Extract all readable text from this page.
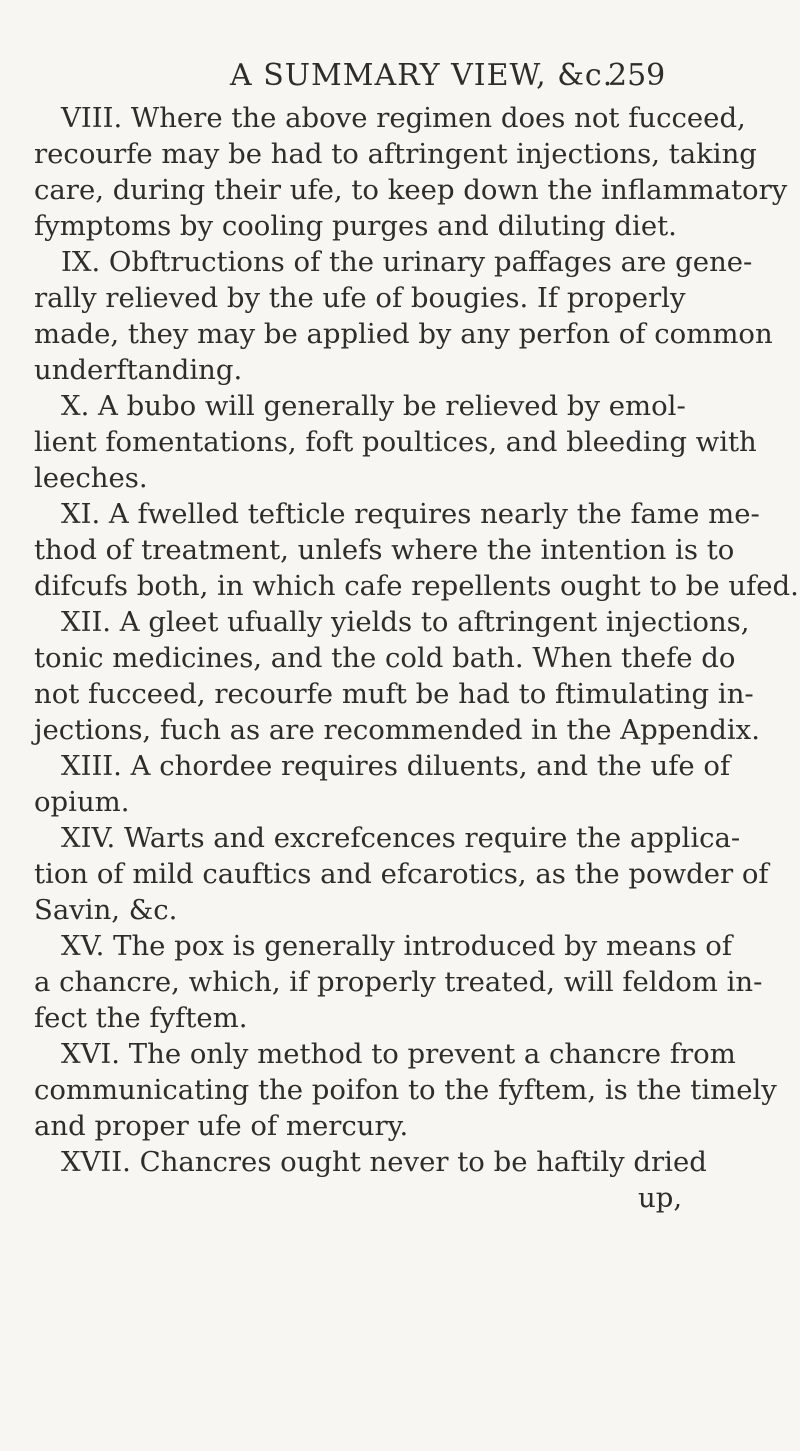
A SUMMARY VIEW, &c.
259
VIII. Where the above regimen does not fucceed,
recourfe may be had to aftringent injections, taking
care, during their ufe, to keep down the inflammatory
fymptoms by cooling purges and diluting diet.
IX. Obftructions of the urinary paffages are gene-
rally relieved by the ufe of bougies. If properly
made, they may be applied by any perfon of common
underftanding.
X. A bubo will generally be relieved by emol-
lient fomentations, foft poultices, and bleeding with
leeches.
XI. A fwelled tefticle requires nearly the fame me-
thod of treatment, unlefs where the intention is to
difcufs both, in which cafe repellents ought to be ufed.
XII. A gleet ufually yields to aftringent injections,
tonic medicines, and the cold bath. When thefe do
not fucceed, recourfe muft be had to ftimulating in-
jections, fuch as are recommended in the Appendix.
XIII. A chordee requires diluents, and the ufe of
opium.
XIV. Warts and excrefcences require the applica-
tion of mild cauftics and efcarotics, as the powder of
Savin, &c.
XV. The pox is generally introduced by means of
a chancre, which, if properly treated, will feldom in-
fect the fyftem.
XVI. The only method to prevent a chancre from
communicating the poifon to the fyftem, is the timely
and proper ufe of mercury.
XVII. Chancres ought never to be haftily dried
up,
